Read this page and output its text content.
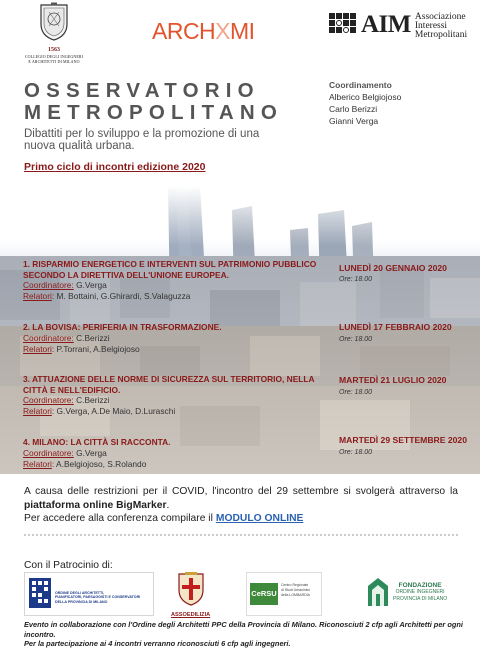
1563
COLLEGIO DEGLI INGEGNERI
E ARCHITETTI DI MILANO
ARCHXMI	AIM Associazione
Interessi
Metropolitani
OSSERVATORIO
METROPOLITANO
Dibattiti per lo sviluppo e la promozione di una nuova qualità urbana.
Primo ciclo di incontri edizione 2020
Coordinamento
Alberico Belgiojoso
Carlo Berizzi
Gianni Verga
1. RISPARMIO ENERGETICO E INTERVENTI SUL PATRIMONIO PUBBLICO SECONDO LA DIRETTIVA DELL'UNIONE EUROPEA.
Coordinatore: G.Verga
Relatori: M. Bottaini, G.Ghirardi, S.Valaguzza
LUNEDÌ 20 GENNAIO 2020
Ore: 18.00
2. LA BOVISA: PERIFERIA IN TRASFORMAZIONE.
Coordinatore: C.Berizzi
Relatori: P.Torrani, A.Belgiojoso
LUNEDÌ 17 FEBBRAIO 2020
Ore: 18.00
3. ATTUAZIONE DELLE NORME DI SICUREZZA SUL TERRITORIO, NELLA CITTÀ E NELL'EDIFICIO.
Coordinatore: C.Berizzi
Relatori: G.Verga, A.De Maio, D.Luraschi
MARTEDÌ 21 LUGLIO 2020
Ore: 18.00
4. MILANO: LA CITTÀ SI RACCONTA.
Coordinatore: G.Verga
Relatori: A.Belgiojoso, S.Rolando
MARTEDÌ 29 SETTEMBRE 2020
Ore: 18.00
A causa delle restrizioni per il COVID, l'incontro del 29 settembre si svolgerà attraverso la piattaforma online BigMarker.
Per accedere alla conferenza compilare il MODULO ONLINE
Con il Patrocinio di:
ORDINE DEGLI ARCHITETTI,
PIANIFICATORI, PAESAGGISTI E CONSERVATORI
DELLA PROVINCIA DI MILANO
ASSOEDILIZIA
CeRSU
Centro Regionale
di Studi Urbanistici
della LOMBARDIA
FONDAZIONE
ORDINE INGEGNERI
PROVINCIA DI MILANO
Evento in collaborazione con l'Ordine degli Architetti PPC della Provincia di Milano. Riconosciuti 2 cfp agli Architetti per ogni incontro.
Per la partecipazione ai 4 incontri verranno riconosciuti 6 cfp agli ingegneri.
